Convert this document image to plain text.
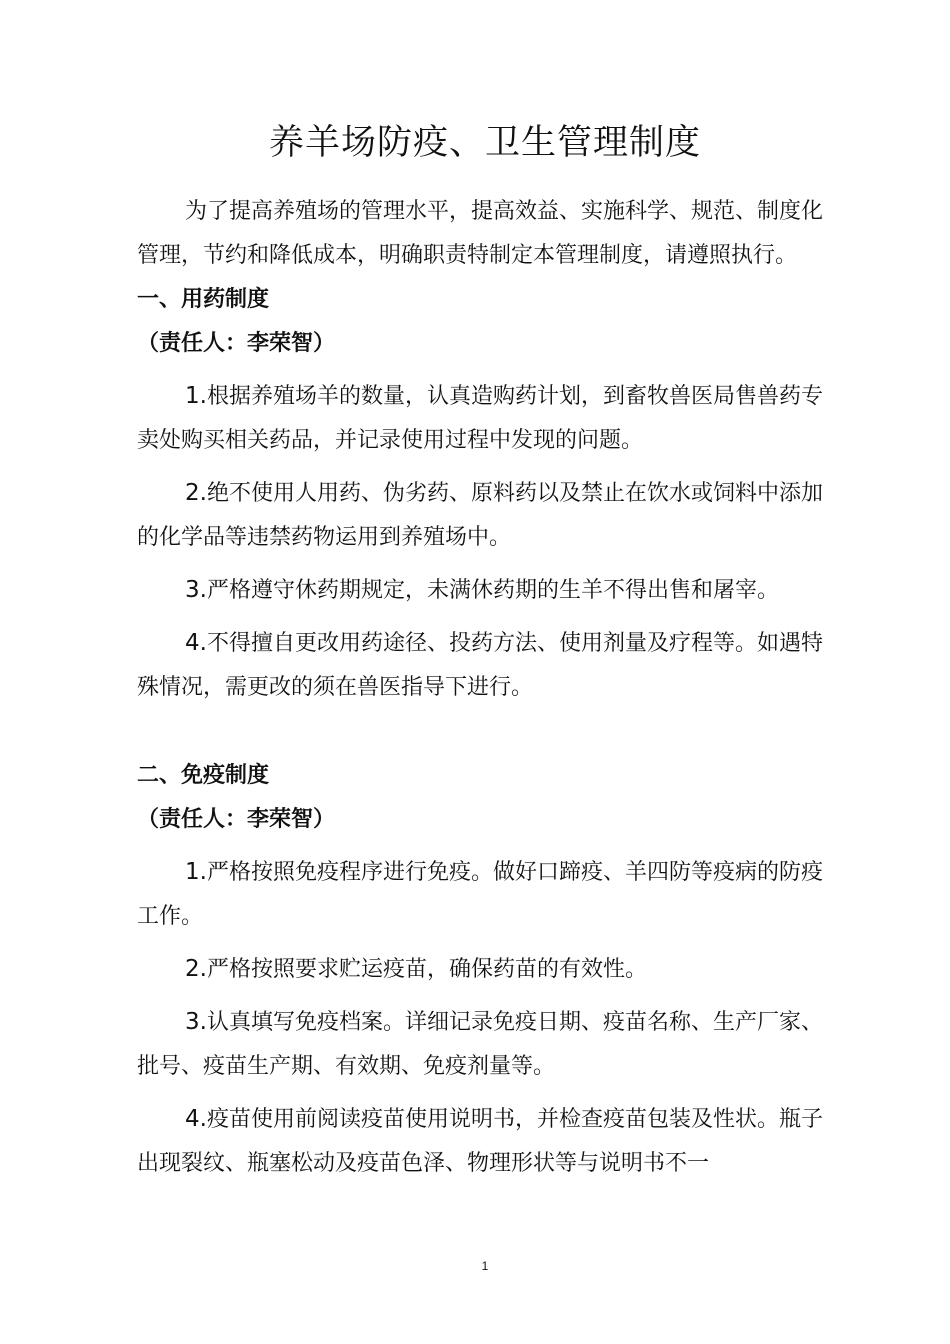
养羊场防疫、卫生管理制度

为了提高养殖场的管理水平，提高效益、实施科学、规范、制度化管理，节约和降低成本，明确职责特制定本管理制度，请遵照执行。

一、用药制度

（责任人：李荣智）

1.根据养殖场羊的数量，认真造购药计划，到畜牧兽医局售兽药专卖处购买相关药品，并记录使用过程中发现的问题。

2.绝不使用人用药、伪劣药、原料药以及禁止在饮水或饲料中添加的化学品等违禁药物运用到养殖场中。

3.严格遵守休药期规定，未满休药期的生羊不得出售和屠宰。

4.不得擅自更改用药途径、投药方法、使用剂量及疗程等。如遇特殊情况，需更改的须在兽医指导下进行。

二、免疫制度

（责任人：李荣智）

1.严格按照免疫程序进行免疫。做好口蹄疫、羊四防等疫病的防疫工作。

2.严格按照要求贮运疫苗，确保药苗的有效性。

3.认真填写免疫档案。详细记录免疫日期、疫苗名称、生产厂家、批号、疫苗生产期、有效期、免疫剂量等。

4.疫苗使用前阅读疫苗使用说明书，并检查疫苗包装及性状。瓶子出现裂纹、瓶塞松动及疫苗色泽、物理形状等与说明书不一

1
